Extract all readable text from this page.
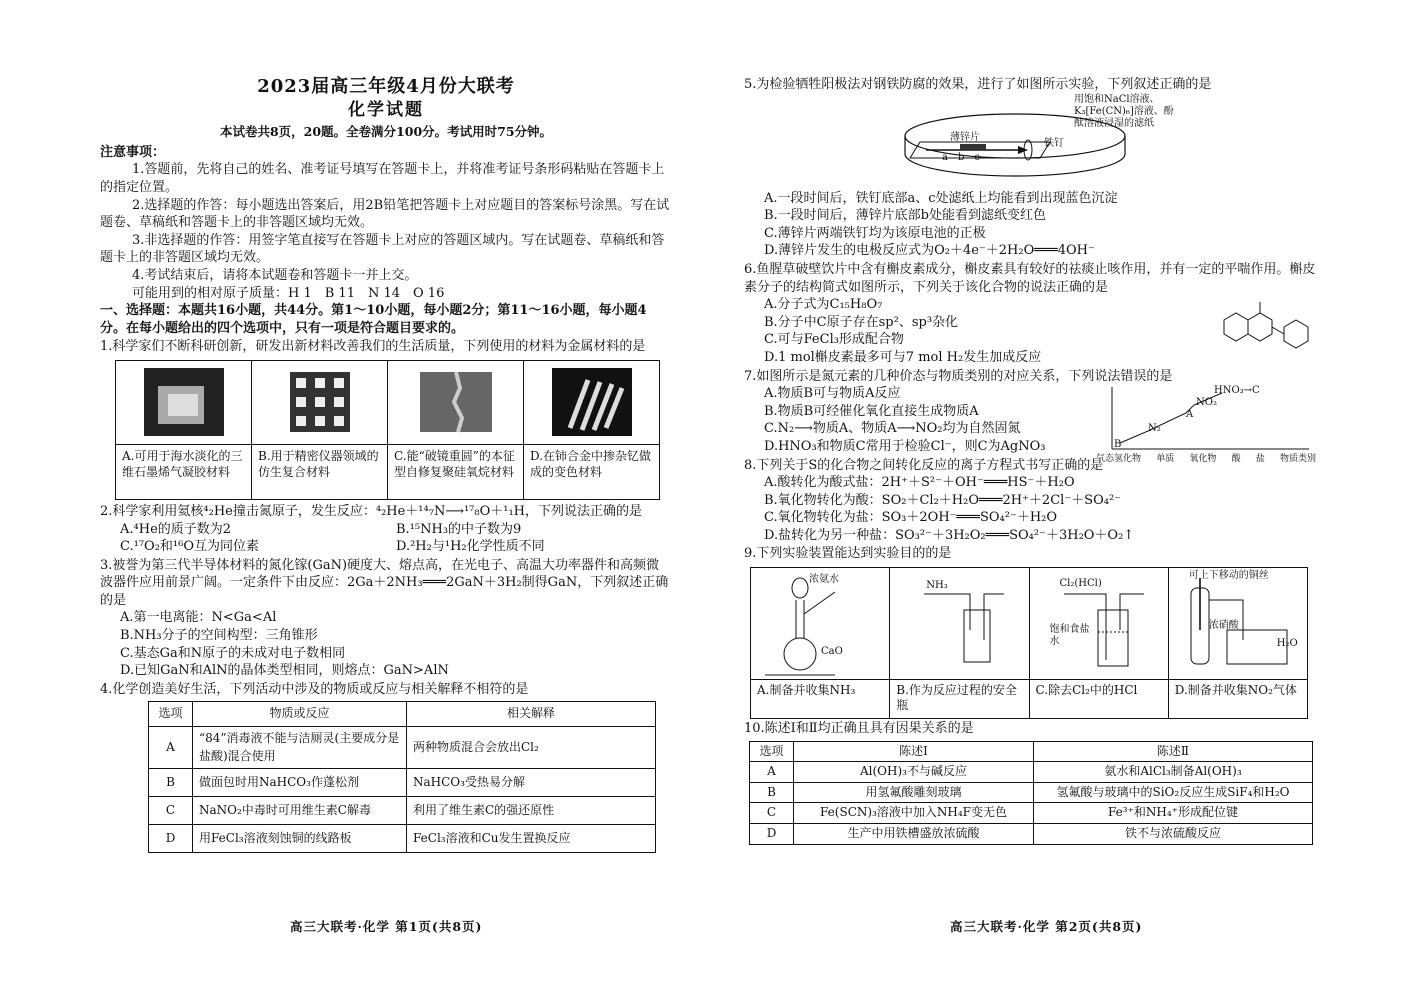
2023届高三年级4月份大联考
化学试题
本试卷共8页，20题。全卷满分100分。考试用时75分钟。
注意事项：
1.答题前，先将自己的姓名、准考证号填写在答题卡上，并将准考证号条形码粘贴在答题卡上的指定位置。
2.选择题的作答：每小题选出答案后，用2B铅笔把答题卡上对应题目的答案标号涂黑。写在试题卷、草稿纸和答题卡上的非答题区域均无效。
3.非选择题的作答：用签字笔直接写在答题卡上对应的答题区域内。写在试题卷、草稿纸和答题卡上的非答题区域均无效。
4.考试结束后，请将本试题卷和答题卡一并上交。
可能用到的相对原子质量：H 1　B 11　N 14　O 16
一、选择题：本题共16小题，共44分。第1～10小题，每小题2分；第11～16小题，每小题4分。在每小题给出的四个选项中，只有一项是符合题目要求的。
1.科学家们不断科研创新，研发出新材料改善我们的生活质量，下列使用的材料为金属材料的是
A.可用于海水淡化的三维石墨烯气凝胶材料
B.用于精密仪器领域的仿生复合材料
C.能“破镜重圆”的本征型自修复聚硅氧烷材料
D.在铈合金中掺杂钇做成的变色材料
2.科学家利用氦核⁴₂He撞击氮原子，发生反应：⁴₂He＋¹⁴₇N⟶¹⁷₈O＋¹₁H，下列说法正确的是
A.⁴He的质子数为2	B.¹⁵NH₃的中子数为9
C.¹⁷O₂和¹⁶O互为同位素	D.²H₂与¹H₂化学性质不同
3.被誉为第三代半导体材料的氮化镓(GaN)硬度大、熔点高，在光电子、高温大功率器件和高频微波器件应用前景广阔。一定条件下由反应：2Ga＋2NH₃═══2GaN＋3H₂制得GaN，下列叙述正确的是
A.第一电离能：N<Ga<Al
B.NH₃分子的空间构型：三角锥形
C.基态Ga和N原子的未成对电子数相同
D.已知GaN和AlN的晶体类型相同，则熔点：GaN>AlN
4.化学创造美好生活，下列活动中涉及的物质或反应与相关解释不相符的是
选项	物质或反应	相关解释
A	“84”消毒液不能与洁厕灵(主要成分是盐酸)混合使用	两种物质混合会放出Cl₂
B	做面包时用NaHCO₃作蓬松剂	NaHCO₃受热易分解
C	NaNO₂中毒时可用维生素C解毒	利用了维生素C的强还原性
D	用FeCl₃溶液刻蚀铜的线路板	FeCl₃溶液和Cu发生置换反应
高三大联考·化学 第1页(共8页)
5.为检验牺牲阳极法对钢铁防腐的效果，进行了如图所示实验，下列叙述正确的是
薄锌片
铁钉
a　b　c
用饱和NaCl溶液、K₃[Fe(CN)₆]溶液、酚酞溶液浸湿的滤纸
A.一段时间后，铁钉底部a、c处滤纸上均能看到出现蓝色沉淀
B.一段时间后，薄锌片底部b处能看到滤纸变红色
C.薄锌片两端铁钉均为该原电池的正极
D.薄锌片发生的电极反应式为O₂＋4e⁻＋2H₂O═══4OH⁻
6.鱼腥草破壁饮片中含有槲皮素成分，槲皮素具有较好的祛痰止咳作用，并有一定的平喘作用。槲皮素分子的结构简式如图所示，下列关于该化合物的说法正确的是
A.分子式为C₁₅H₈O₇
B.分子中C原子存在sp²、sp³杂化
C.可与FeCl₃形成配合物
D.1 mol槲皮素最多可与7 mol H₂发生加成反应
7.如图所示是氮元素的几种价态与物质类别的对应关系，下列说法错误的是
A.物质B可与物质A反应
B.物质B可经催化氧化直接生成物质A
C.N₂⟶物质A、物质A⟶NO₂均为自然固氮
D.HNO₃和物质C常用于检验Cl⁻，则C为AgNO₃	B
N₂
A
NO₂
HNO₃→C
气态氢化物 单质 氧化物 酸 盐 物质类别
8.下列关于S的化合物之间转化反应的离子方程式书写正确的是
A.酸转化为酸式盐：2H⁺＋S²⁻＋OH⁻═══HS⁻＋H₂O
B.氧化物转化为酸：SO₂＋Cl₂＋H₂O═══2H⁺＋2Cl⁻＋SO₄²⁻
C.氧化物转化为盐：SO₃＋2OH⁻═══SO₄²⁻＋H₂O
D.盐转化为另一种盐：SO₃²⁻＋3H₂O₂═══SO₄²⁻＋3H₂O＋O₂↑
9.下列实验装置能达到实验目的的是
浓氨水
CaO
A.制备并收集NH₃
NH₃
B.作为反应过程的安全瓶
Cl₂(HCl)
饱和食盐水
C.除去Cl₂中的HCl
可上下移动的铜丝
浓硝酸
H₂O
D.制备并收集NO₂气体
10.陈述Ⅰ和Ⅱ均正确且具有因果关系的是
选项	陈述Ⅰ	陈述Ⅱ
A	Al(OH)₃不与碱反应	氨水和AlCl₃制备Al(OH)₃
B	用氢氟酸雕刻玻璃	氢氟酸与玻璃中的SiO₂反应生成SiF₄和H₂O
C	Fe(SCN)₃溶液中加入NH₄F变无色	Fe³⁺和NH₄⁺形成配位键
D	生产中用铁槽盛放浓硫酸	铁不与浓硫酸反应
高三大联考·化学 第2页(共8页)
